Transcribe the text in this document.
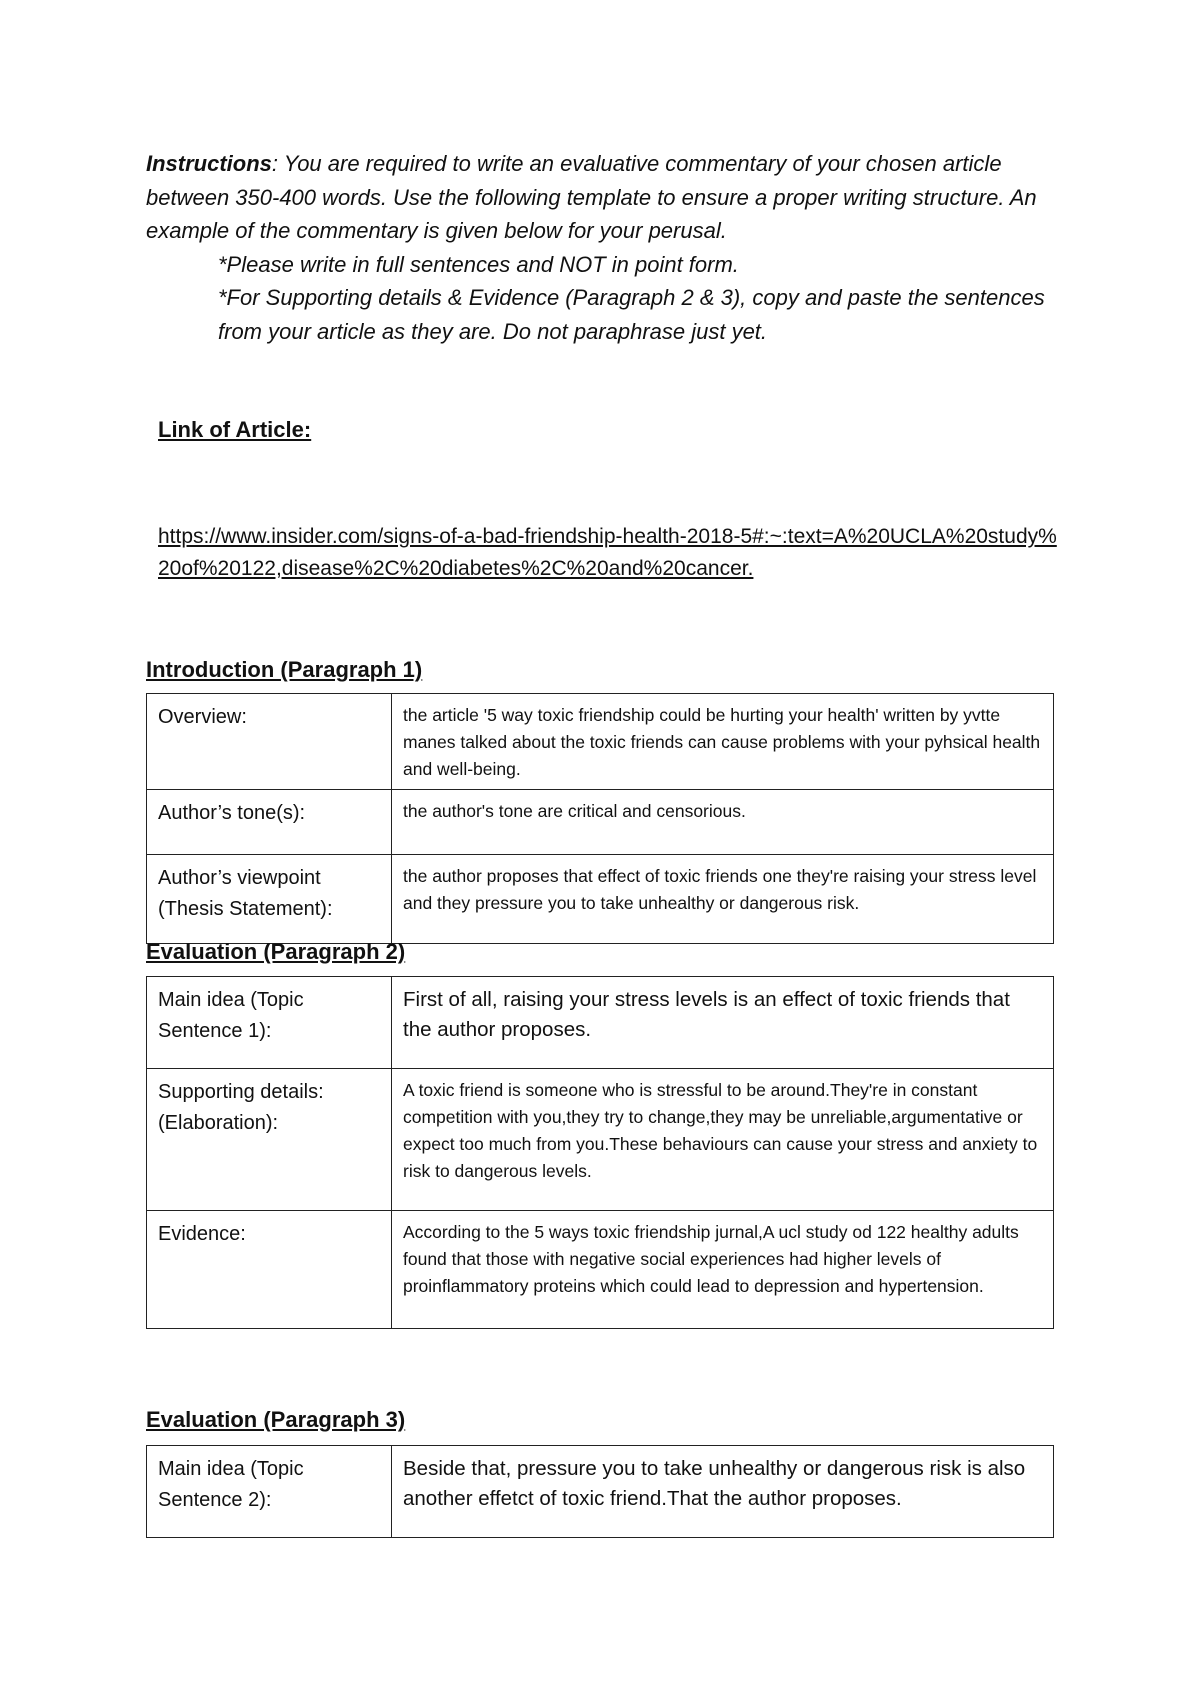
Instructions: You are required to write an evaluative commentary of your chosen article between 350-400 words. Use the following template to ensure a proper writing structure. An example of the commentary is given below for your perusal.

*Please write in full sentences and NOT in point form.

*For Supporting details & Evidence (Paragraph 2 & 3), copy and paste the sentences from your article as they are. Do not paraphrase just yet.

Link of Article:
https://www.insider.com/signs-of-a-bad-friendship-health-2018-5#:~:text=A%20UCLA%20study%20of%20122,disease%2C%20diabetes%2C%20and%20cancer.
Introduction (Paragraph 1)
Overview:	the article '5 way toxic friendship could be hurting your health' written by yvtte manes talked about the toxic friends can cause problems with your pyhsical health and well-being.
Author’s tone(s):	the author's tone are critical and censorious.
Author’s viewpoint (Thesis Statement):	the author proposes that effect of toxic friends one they're raising your stress level and they pressure you to take unhealthy or dangerous risk.
Evaluation (Paragraph 2)
Main idea (Topic Sentence 1):	First of all, raising your stress levels is an effect of toxic friends that the author proposes.
Supporting details: (Elaboration):	A toxic friend is someone who is stressful to be around.They're in constant competition with you,they try to change,they may be unreliable,argumentative or expect too much from you.These behaviours can cause your stress and anxiety to risk to dangerous levels.
Evidence:	According to the 5 ways toxic friendship jurnal,A ucl study od 122 healthy adults found that those with negative social experiences had higher levels of proinflammatory proteins which could lead to depression and hypertension.
Evaluation (Paragraph 3)
Main idea (Topic Sentence 2):	Beside that, pressure you to take unhealthy or dangerous risk is also another effetct of toxic friend.That the author proposes.
